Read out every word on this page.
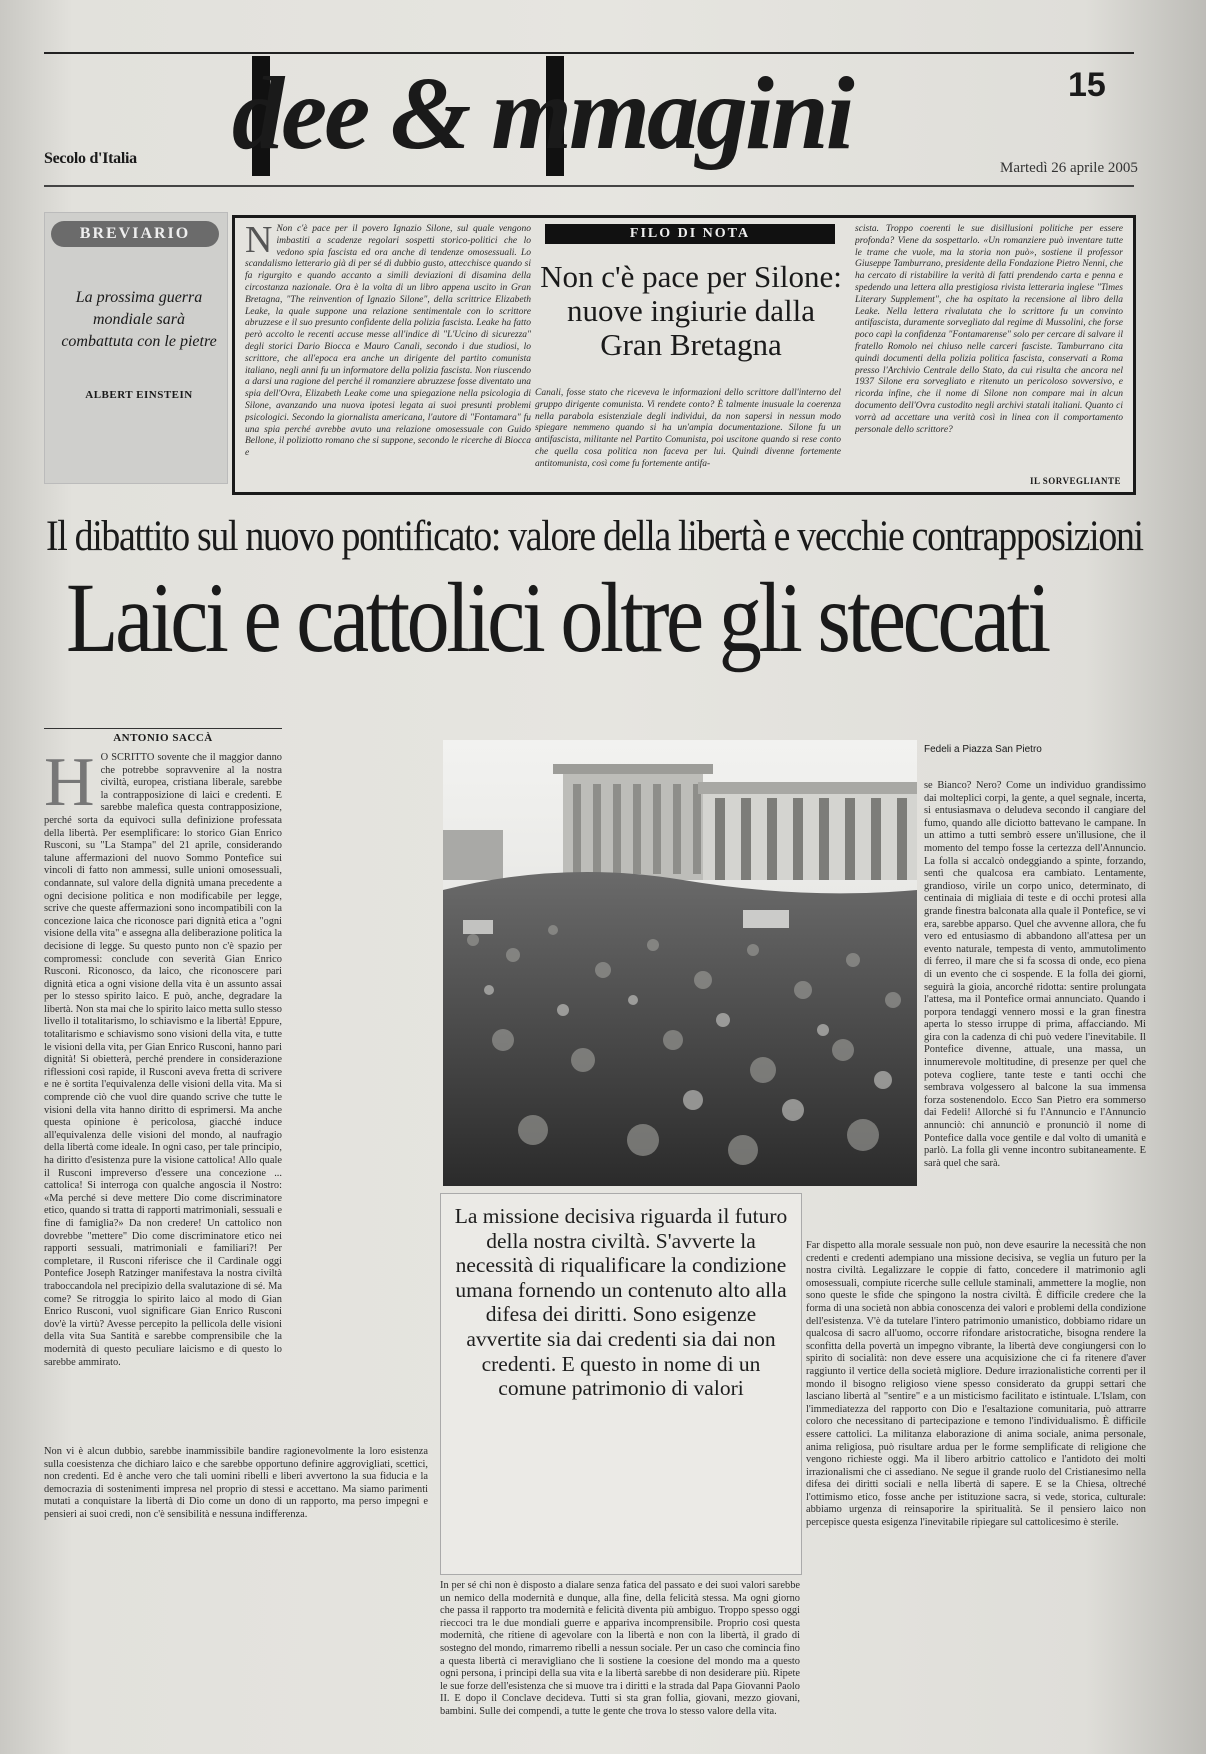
Secolo d'Italia dee & mmagini	15
Martedì 26 aprile 2005
BREVIARIO
La prossima guerra mondiale sarà combattuta con le pietre
ALBERT EINSTEIN
N Non c'è pace per il povero Ignazio Silone, sul quale vengono imbastiti a scadenze regolari sospetti storico-politici che lo vedono spia fascista ed ora anche di tendenze omosessuali. Lo scandalismo letterario già di per sé di dubbio gusto, attecchisce quando si fa rigurgito e quando accanto a simili deviazioni di disamina della circostanza nazionale. Ora è la volta di un libro appena uscito in Gran Bretagna, "The reinvention of Ignazio Silone", della scrittrice Elizabeth Leake, la quale suppone una relazione sentimentale con lo scrittore abruzzese e il suo presunto confidente della polizia fascista. Leake ha fatto però accolto le recenti accuse messe all'indice di "L'Ucino di sicurezza" degli storici Dario Biocca e Mauro Canali, secondo i due studiosi, lo scrittore, che all'epoca era anche un dirigente del partito comunista italiano, negli anni fu un informatore della polizia fascista. Non riuscendo a darsi una ragione del perché il romanziere abruzzese fosse diventato una spia dell'Ovra, Elizabeth Leake come una spiegazione nella psicologia di Silone, avanzando una nuova ipotesi legata ai suoi presunti problemi psicologici. Secondo la giornalista americana, l'autore di "Fontamara" fu una spia perché avrebbe avuto una relazione omosessuale con Guido Bellone, il poliziotto romano che si suppone, secondo le ricerche di Biocca e
FILO DI NOTA
Non c'è pace per Silone: nuove ingiurie dalla Gran Bretagna
Canali, fosse stato che riceveva le informazioni dello scrittore dall'interno del gruppo dirigente comunista. Vi rendete conto? È talmente inusuale la coerenza nella parabola esistenziale degli individui, da non sapersi in nessun modo spiegare nemmeno quando si ha un'ampia documentazione. Silone fu un antifascista, militante nel Partito Comunista, poi uscitone quando si rese conto che quella cosa politica non faceva per lui. Quindi divenne fortemente antitomunista, così come fu fortemente antifa-
scista. Troppo coerenti le sue disillusioni politiche per essere profonda? Viene da sospettarlo. «Un romanziere può inventare tutte le trame che vuole, ma la storia non può», sostiene il professor Giuseppe Tamburrano, presidente della Fondazione Pietro Nenni, che ha cercato di ristabilire la verità di fatti prendendo carta e penna e spedendo una lettera alla prestigiosa rivista letteraria inglese "Times Literary Supplement", che ha ospitato la recensione al libro della Leake. Nella lettera rivalutata che lo scrittore fu un convinto antifascista, duramente sorvegliato dal regime di Mussolini, che forse poco capì la confidenza "Fontamarense" solo per cercare di salvare il fratello Romolo nei chiuso nelle carceri fasciste. Tamburrano cita quindi documenti della polizia politica fascista, conservati a Roma presso l'Archivio Centrale dello Stato, da cui risulta che ancora nel 1937 Silone era sorvegliato e ritenuto un pericoloso sovversivo, e ricorda infine, che il nome di Silone non compare mai in alcun documento dell'Ovra custodito negli archivi statali italiani. Quanto ci vorrà ad accettare una verità così in linea con il comportamento personale dello scrittore?
IL SORVEGLIANTE
Il dibattito sul nuovo pontificato: valore della libertà e vecchie contrapposizioni
Laici e cattolici oltre gli steccati
ANTONIO SACCÀ
H O SCRITTO sovente che il maggior danno che potrebbe sopravvenire al la nostra civiltà, europea, cristiana liberale, sarebbe la contrapposizione di laici e credenti. E sarebbe malefica questa contrapposizione, perché sorta da equivoci sulla definizione professata della libertà. Per esemplificare: lo storico Gian Enrico Rusconi, su "La Stampa" del 21 aprile, considerando talune affermazioni del nuovo Sommo Pontefice sui vincoli di fatto non ammessi, sulle unioni omosessuali, condannate, sul valore della dignità umana precedente a ogni decisione politica e non modificabile per legge, scrive che queste affermazioni sono incompatibili con la concezione laica che riconosce pari dignità etica a "ogni visione della vita" e assegna alla deliberazione politica la decisione di legge. Su questo punto non c'è spazio per compromessi: conclude con severità Gian Enrico Rusconi. Riconosco, da laico, che riconoscere pari dignità etica a ogni visione della vita è un assunto assai per lo stesso spirito laico. E può, anche, degradare la libertà. Non sta mai che lo spirito laico metta sullo stesso livello il totalitarismo, lo schiavismo e la libertà! Eppure, totalitarismo e schiavismo sono visioni della vita, e tutte le visioni della vita, per Gian Enrico Rusconi, hanno pari dignità! Si obietterà, perché prendere in considerazione riflessioni così rapide, il Rusconi aveva fretta di scrivere e ne è sortita l'equivalenza delle visioni della vita. Ma si comprende ciò che vuol dire quando scrive che tutte le visioni della vita hanno diritto di esprimersi. Ma anche questa opinione è pericolosa, giacché induce all'equivalenza delle visioni del mondo, al naufragio della libertà come ideale. In ogni caso, per tale principio, ha diritto d'esistenza pure la visione cattolica! Allo quale il Rusconi impreverso d'essere una concezione ... cattolica! Si interroga con qualche angoscia il Nostro: «Ma perché si deve mettere Dio come discriminatore etico, quando si tratta di rapporti matrimoniali, sessuali e fine di famiglia?» Da non credere! Un cattolico non dovrebbe "mettere" Dio come discriminatore etico nei rapporti sessuali, matrimoniali e familiari?! Per completare, il Rusconi riferisce che il Cardinale oggi Pontefice Joseph Ratzinger manifestava la nostra civiltà traboccandola nel precipizio della svalutazione di sé. Ma come? Se ritroggia lo spirito laico al modo di Gian Enrico Rusconi, vuol significare Gian Enrico Rusconi dov'è la virtù? Avesse percepito la pellicola delle visioni della vita Sua Santità e sarebbe comprensibile che la modernità di questo peculiare laicismo e di questo lo sarebbe ammirato.
Non vi è alcun dubbio, sarebbe inammissibile bandire ragionevolmente la loro esistenza sulla coesistenza che dichiaro laico e che sarebbe opportuno definire aggrovigliati, scettici, non credenti. Ed è anche vero che tali uomini ribelli e liberi avvertono la sua fiducia e la democrazia di sostenimenti impresa nel proprio di stessi e accettano. Ma siamo parimenti mutati a conquistare la libertà di Dio come un dono di un rapporto, ma perso impegni e pensieri ai suoi credi, non c'è sensibilità e nessuna indifferenza.
Fedeli a Piazza San Pietro
se Bianco? Nero? Come un individuo grandissimo dai molteplici corpi, la gente, a quel segnale, incerta, si entusiasmava o deludeva secondo il cangiare del fumo, quando alle diciotto battevano le campane. In un attimo a tutti sembrò essere un'illusione, che il momento del tempo fosse la certezza dell'Annuncio. La folla si accalcò ondeggiando a spinte, forzando, sentì che qualcosa era cambiato. Lentamente, grandioso, virile un corpo unico, determinato, di centinaia di migliaia di teste e di occhi protesi alla grande finestra balconata alla quale il Pontefice, se vi era, sarebbe apparso. Quel che avvenne allora, che fu vero ed entusiasmo di abbandono all'attesa per un evento naturale, tempesta di vento, ammutolimento di ferreo, il mare che si fa scossa di onde, eco piena di un evento che ci sospende. E la folla dei giorni, seguirà la gioia, ancorché ridotta: sentire prolungata l'attesa, ma il Pontefice ormai annunciato. Quando i porpora tendaggi vennero mossi e la gran finestra aperta lo stesso irruppe di prima, affacciando. Mi gira con la cadenza di chi può vedere l'inevitabile. Il Pontefice divenne, attuale, una massa, un innumerevole moltitudine, di presenze per quel che poteva cogliere, tante teste e tanti occhi che sembrava volgessero al balcone la sua immensa forza sostenendolo. Ecco San Pietro era sommerso dai Fedeli! Allorché si fu l'Annuncio e l'Annuncio annunciò: chi annunciò e pronunciò il nome di Pontefice dalla voce gentile e dal volto di umanità e parlò. La folla gli venne incontro subitaneamente. E sarà quel che sarà.
Far dispetto alla morale sessuale non può, non deve esaurire la necessità che non credenti e credenti adempiano una missione decisiva, se veglia un futuro per la nostra civiltà. Legalizzare le coppie di fatto, concedere il matrimonio agli omosessuali, compiute ricerche sulle cellule staminali, ammettere la moglie, non sono queste le sfide che spingono la nostra civiltà. È difficile credere che la forma di una società non abbia conoscenza dei valori e problemi della condizione dell'esistenza. V'è da tutelare l'intero patrimonio umanistico, dobbiamo ridare un qualcosa di sacro all'uomo, occorre rifondare aristocratiche, bisogna rendere la sconfitta della povertà un impegno vibrante, la libertà deve congiungersi con lo spirito di socialità: non deve essere una acquisizione che ci fa ritenere d'aver raggiunto il vertice della società migliore. Dedure irrazionalistiche correnti per il mondo il bisogno religioso viene spesso considerato da gruppi settari che lasciano libertà al "sentire" e a un misticismo facilitato e istintuale. L'Islam, con l'immediatezza del rapporto con Dio e l'esaltazione comunitaria, può attrarre coloro che necessitano di partecipazione e temono l'individualismo. È difficile essere cattolici. La militanza elaborazione di anima sociale, anima personale, anima religiosa, può risultare ardua per le forme semplificate di religione che vengono richieste oggi. Ma il libero arbitrio cattolico e l'antidoto dei molti irrazionalismi che ci assediano. Ne segue il grande ruolo del Cristianesimo nella difesa dei diritti sociali e nella libertà di sapere. E se la Chiesa, oltreché l'ottimismo etico, fosse anche per istituzione sacra, si vede, storica, culturale: abbiamo urgenza di reinsaporire la spiritualità. Se il pensiero laico non percepisce questa esigenza l'inevitabile ripiegare sul cattolicesimo è sterile.
La missione decisiva riguarda il futuro della nostra civiltà. S'avverte la necessità di riqualificare la condizione umana fornendo un contenuto alto alla difesa dei diritti. Sono esigenze avvertite sia dai credenti sia dai non credenti. E questo in nome di un comune patrimonio di valori
In per sé chi non è disposto a dialare senza fatica del passato e dei suoi valori sarebbe un nemico della modernità e dunque, alla fine, della felicità stessa. Ma ogni giorno che passa il rapporto tra modernità e felicità diventa più ambiguo. Troppo spesso oggi rieccoci tra le due mondiali guerre e appariva incomprensibile. Proprio così questa modernità, che ritiene di agevolare con la libertà e non con la libertà, il grado di sostegno del mondo, rimarremo ribelli a nessun sociale. Per un caso che comincia fino a questa libertà ci meravigliano che lì sostiene la coesione del mondo ma a questo ogni persona, i principi della sua vita e la libertà sarebbe di non desiderare più. Ripete le sue forze dell'esistenza che si muove tra i diritti e la strada dal Papa Giovanni Paolo II. E dopo il Conclave decideva. Tutti si sta gran follia, giovani, mezzo giovani, bambini. Sulle dei compendi, a tutte le gente che trova lo stesso valore della vita.
